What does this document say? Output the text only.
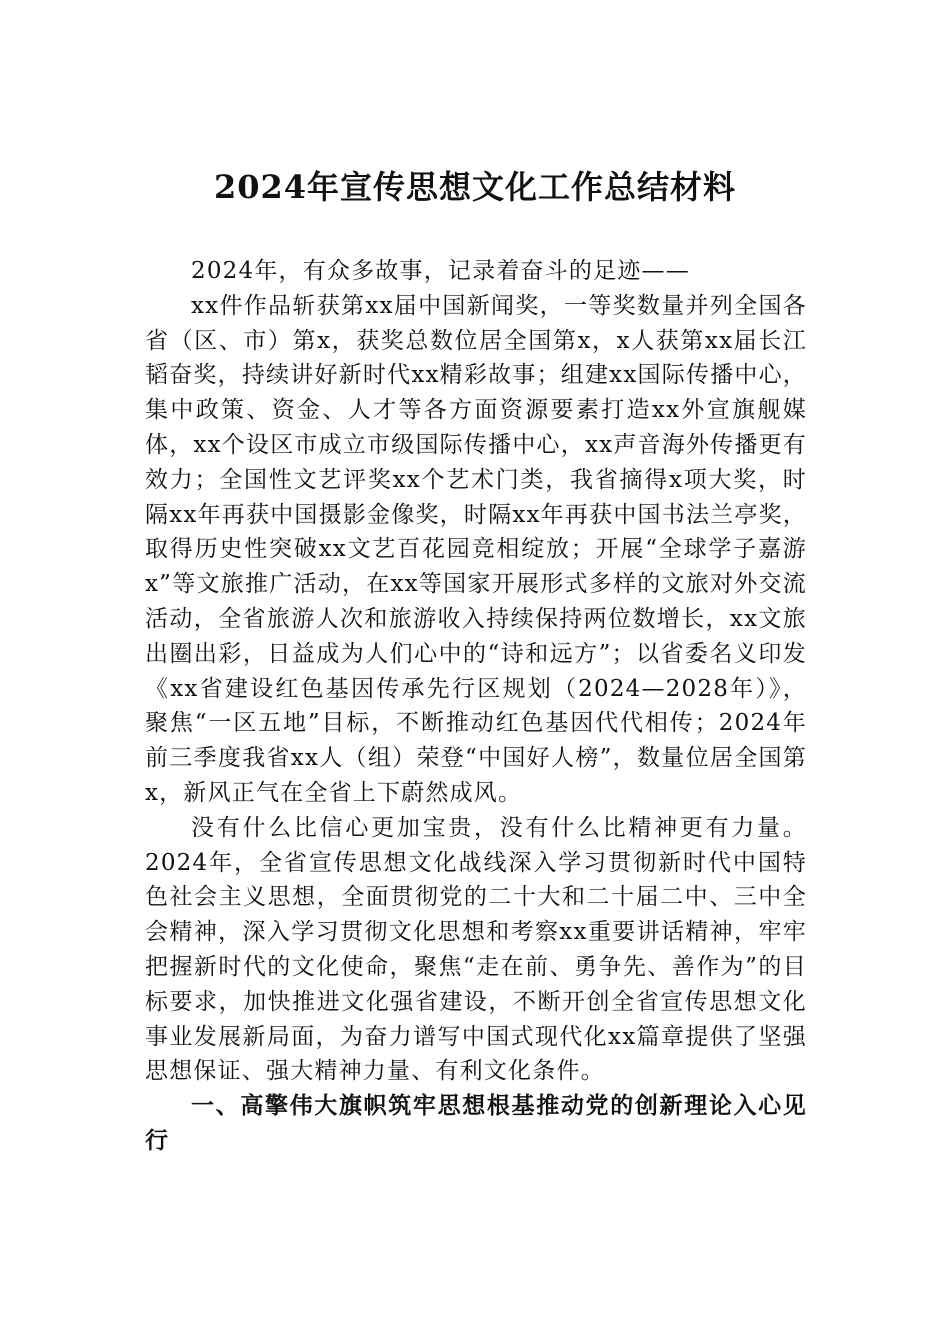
2024年宣传思想文化工作总结材料

2024年，有众多故事，记录着奋斗的足迹——

xx件作品斩获第xx届中国新闻奖，一等奖数量并列全国各省（区、市）第x，获奖总数位居全国第x，x人获第xx届长江韬奋奖，持续讲好新时代xx精彩故事；组建xx国际传播中心，集中政策、资金、人才等各方面资源要素打造xx外宣旗舰媒体，xx个设区市成立市级国际传播中心，xx声音海外传播更有效力；全国性文艺评奖xx个艺术门类，我省摘得x项大奖，时隔xx年再获中国摄影金像奖，时隔xx年再获中国书法兰亭奖，取得历史性突破xx文艺百花园竞相绽放；开展“全球学子嘉游x”等文旅推广活动，在xx等国家开展形式多样的文旅对外交流活动，全省旅游人次和旅游收入持续保持两位数增长，xx文旅出圈出彩，日益成为人们心中的“诗和远方”；以省委名义印发《xx省建设红色基因传承先行区规划（2024—2028年）》，聚焦“一区五地”目标，不断推动红色基因代代相传；2024年前三季度我省xx人（组）荣登“中国好人榜”，数量位居全国第x，新风正气在全省上下蔚然成风。

没有什么比信心更加宝贵，没有什么比精神更有力量。2024年，全省宣传思想文化战线深入学习贯彻新时代中国特色社会主义思想，全面贯彻党的二十大和二十届二中、三中全会精神，深入学习贯彻文化思想和考察xx重要讲话精神，牢牢把握新时代的文化使命，聚焦“走在前、勇争先、善作为”的目标要求，加快推进文化强省建设，不断开创全省宣传思想文化事业发展新局面，为奋力谱写中国式现代化xx篇章提供了坚强思想保证、强大精神力量、有利文化条件。

一、高擎伟大旗帜筑牢思想根基推动党的创新理论入心见行
